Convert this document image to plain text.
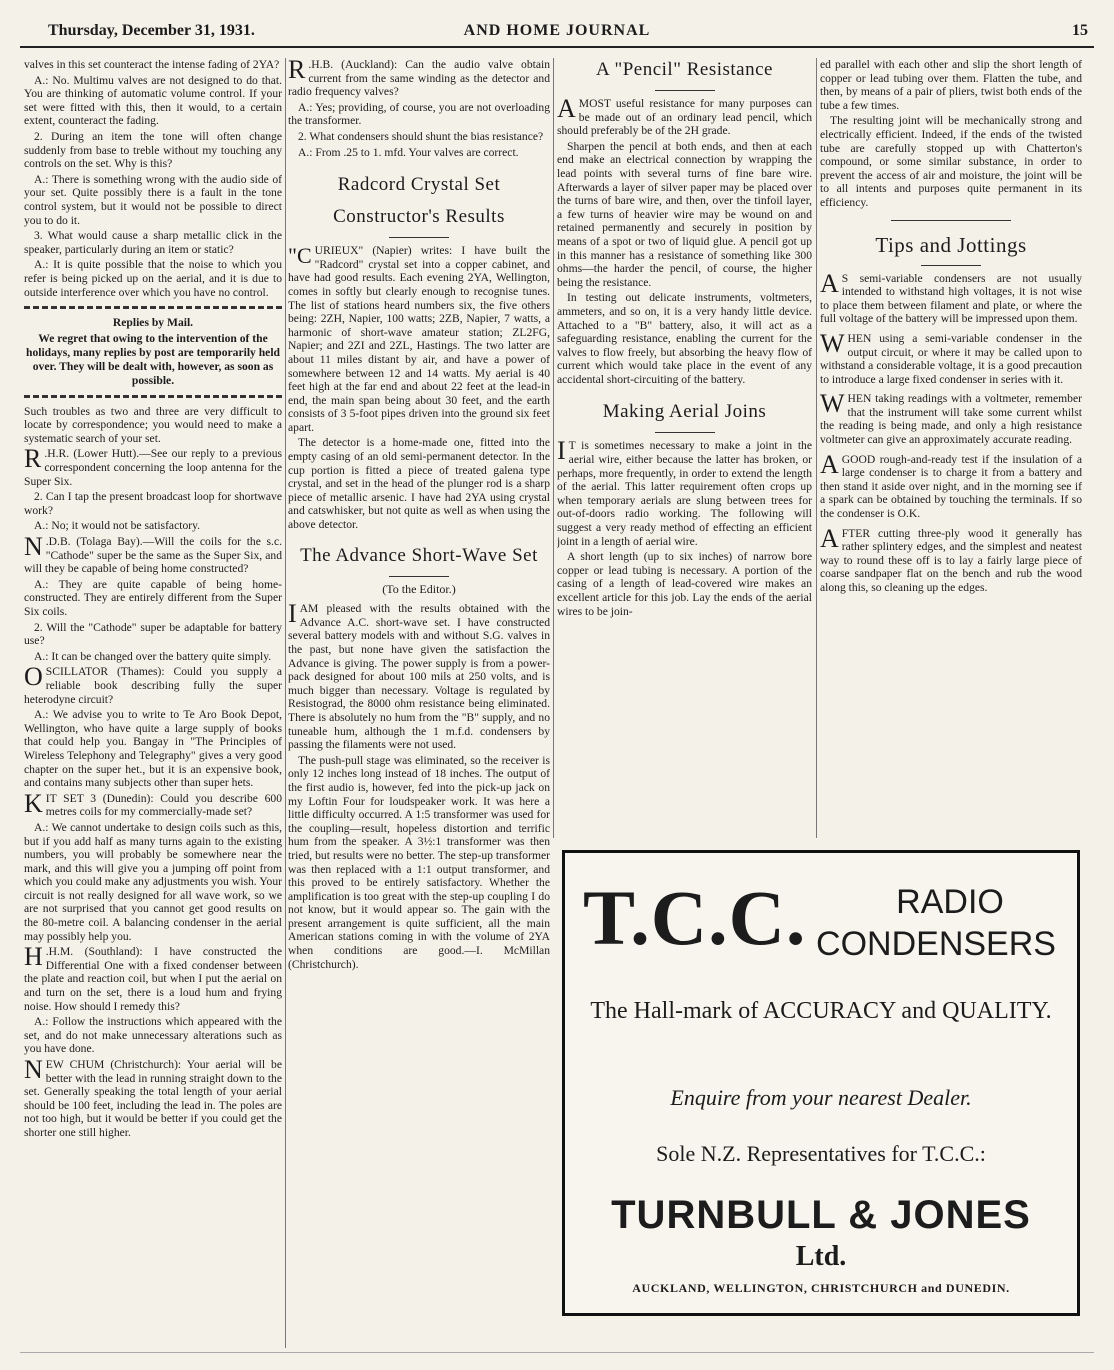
Thursday, December 31, 1931.	AND HOME JOURNAL	15

valves in this set counteract the intense fading of 2YA?

A.: No. Multimu valves are not designed to do that. You are thinking of automatic volume control. If your set were fitted with this, then it would, to a certain extent, counteract the fading.

2. During an item the tone will often change suddenly from base to treble without my touching any controls on the set. Why is this?

A.: There is something wrong with the audio side of your set. Quite possibly there is a fault in the tone control system, but it would not be possible to direct you to do it.

3. What would cause a sharp metallic click in the speaker, particularly during an item or static?

A.: It is quite possible that the noise to which you refer is being picked up on the aerial, and it is due to outside interference over which you have no control.

Replies by Mail.
We regret that owing to the intervention of the holidays, many replies by post are temporarily held over. They will be dealt with, however, as soon as possible.

Such troubles as two and three are very difficult to locate by correspondence; you would need to make a systematic search of your set.

R .H.R. (Lower Hutt).—See our reply to a previous correspondent concerning the loop antenna for the Super Six.

2. Can I tap the present broadcast loop for shortwave work?

A.: No; it would not be satisfactory.

N .D.B. (Tolaga Bay).—Will the coils for the s.c. "Cathode" super be the same as the Super Six, and will they be capable of being home constructed?

A.: They are quite capable of being home-constructed. They are entirely different from the Super Six coils.

2. Will the "Cathode" super be adaptable for battery use?

A.: It can be changed over the battery quite simply.

OSCILLATOR (Thames): Could you supply a reliable book describing fully the super heterodyne circuit?

A.: We advise you to write to Te Aro Book Depot, Wellington, who have quite a large supply of books that could help you. Bangay in "The Principles of Wireless Telephony and Telegraphy" gives a very good chapter on the super het., but it is an expensive book, and contains many subjects other than super hets.

KIT SET 3 (Dunedin): Could you describe 600 metres coils for my commercially-made set?

A.: We cannot undertake to design coils such as this, but if you add half as many turns again to the existing numbers, you will probably be somewhere near the mark, and this will give you a jumping off point from which you could make any adjustments you wish. Your circuit is not really designed for all wave work, so we are not surprised that you cannot get good results on the 80-metre coil. A balancing condenser in the aerial may possibly help you.

H .H.M. (Southland): I have constructed the Differential One with a fixed condenser between the plate and reaction coil, but when I put the aerial on and turn on the set, there is a loud hum and frying noise. How should I remedy this?

A.: Follow the instructions which appeared with the set, and do not make unnecessary alterations such as you have done.

NEW CHUM (Christchurch): Your aerial will be better with the lead in running straight down to the set. Generally speaking the total length of your aerial should be 100 feet, including the lead in. The poles are not too high, but it would be better if you could get the shorter one still higher.

R .H.B. (Auckland): Can the audio valve obtain current from the same winding as the detector and radio frequency valves?

A.: Yes; providing, of course, you are not overloading the transformer.

2. What condensers should shunt the bias resistance?

A.: From .25 to 1. mfd. Your valves are correct.

Radcord Crystal Set
Constructor's Results

"CURIEUX" (Napier) writes: I have built the "Radcord" crystal set into a copper cabinet, and have had good results. Each evening 2YA, Wellington, comes in softly but clearly enough to recognise tunes. The list of stations heard numbers six, the five others being: 2ZH, Napier, 100 watts; 2ZB, Napier, 7 watts, a harmonic of short-wave amateur station; ZL2FG, Napier; and 2ZI and 2ZL, Hastings. The two latter are about 11 miles distant by air, and have a power of somewhere between 12 and 14 watts. My aerial is 40 feet high at the far end and about 22 feet at the lead-in end, the main span being about 30 feet, and the earth consists of 3 5-foot pipes driven into the ground six feet apart.

The detector is a home-made one, fitted into the empty casing of an old semi-permanent detector. In the cup portion is fitted a piece of treated galena type crystal, and set in the head of the plunger rod is a sharp piece of metallic arsenic. I have had 2YA using crystal and catswhisker, but not quite as well as when using the above detector.

The Advance Short-Wave Set
(To the Editor.)

I AM pleased with the results obtained with the Advance A.C. short-wave set. I have constructed several battery models with and without S.G. valves in the past, but none have given the satisfaction the Advance is giving. The power supply is from a power-pack designed for about 100 mils at 250 volts, and is much bigger than necessary. Voltage is regulated by Resistograd, the 8000 ohm resistance being eliminated. There is absolutely no hum from the "B" supply, and no tuneable hum, although the 1 m.f.d. condensers by passing the filaments were not used.

The push-pull stage was eliminated, so the receiver is only 12 inches long instead of 18 inches. The output of the first audio is, however, fed into the pick-up jack on my Loftin Four for loudspeaker work. It was here a little difficulty occurred. A 1:5 transformer was used for the coupling—result, hopeless distortion and terrific hum from the speaker. A 3½:1 transformer was then tried, but results were no better. The step-up transformer was then replaced with a 1:1 output transformer, and this proved to be entirely satisfactory. Whether the amplification is too great with the step-up coupling I do not know, but it would appear so. The gain with the present arrangement is quite sufficient, all the main American stations coming in with the volume of 2YA when conditions are good.—I. McMillan (Christchurch).

A "Pencil" Resistance

A MOST useful resistance for many purposes can be made out of an ordinary lead pencil, which should preferably be of the 2H grade.

Sharpen the pencil at both ends, and then at each end make an electrical connection by wrapping the lead points with several turns of fine bare wire. Afterwards a layer of silver paper may be placed over the turns of bare wire, and then, over the tinfoil layer, a few turns of heavier wire may be wound on and retained permanently and securely in position by means of a spot or two of liquid glue. A pencil got up in this manner has a resistance of something like 300 ohms—the harder the pencil, of course, the higher being the resistance.

In testing out delicate instruments, voltmeters, ammeters, and so on, it is a very handy little device. Attached to a "B" battery, also, it will act as a safeguarding resistance, enabling the current for the valves to flow freely, but absorbing the heavy flow of current which would take place in the event of any accidental short-circuiting of the battery.

Making Aerial Joins

I T is sometimes necessary to make a joint in the aerial wire, either because the latter has broken, or perhaps, more frequently, in order to extend the length of the aerial. This latter requirement often crops up when temporary aerials are slung between trees for out-of-doors radio working. The following will suggest a very ready method of effecting an efficient joint in a length of aerial wire.

A short length (up to six inches) of narrow bore copper or lead tubing is necessary. A portion of the casing of a length of lead-covered wire makes an excellent article for this job. Lay the ends of the aerial wires to be join-

ed parallel with each other and slip the short length of copper or lead tubing over them. Flatten the tube, and then, by means of a pair of pliers, twist both ends of the tube a few times.

The resulting joint will be mechanically strong and electrically efficient. Indeed, if the ends of the twisted tube are carefully stopped up with Chatterton's compound, or some similar substance, in order to prevent the access of air and moisture, the joint will be to all intents and purposes quite permanent in its efficiency.

Tips and Jottings

A S semi-variable condensers are not usually intended to withstand high voltages, it is not wise to place them between filament and plate, or where the full voltage of the battery will be impressed upon them.

WHEN using a semi-variable condenser in the output circuit, or where it may be called upon to withstand a considerable voltage, it is a good precaution to introduce a large fixed condenser in series with it.

WHEN taking readings with a voltmeter, remember that the instrument will take some current whilst the reading is being made, and only a high resistance voltmeter can give an approximately accurate reading.

A GOOD rough-and-ready test if the insulation of a large condenser is to charge it from a battery and then stand it aside over night, and in the morning see if a spark can be obtained by touching the terminals. If so the condenser is O.K.

AFTER cutting three-ply wood it generally has rather splintery edges, and the simplest and neatest way to round these off is to lay a fairly large piece of coarse sandpaper flat on the bench and rub the wood along this, so cleaning up the edges.

T.C.C.	RADIO
CONDENSERS
The Hall-mark of ACCURACY and QUALITY.
Enquire from your nearest Dealer.
Sole N.Z. Representatives for T.C.C.:
TURNBULL & JONES
Ltd.
AUCKLAND, WELLINGTON, CHRISTCHURCH and DUNEDIN.
